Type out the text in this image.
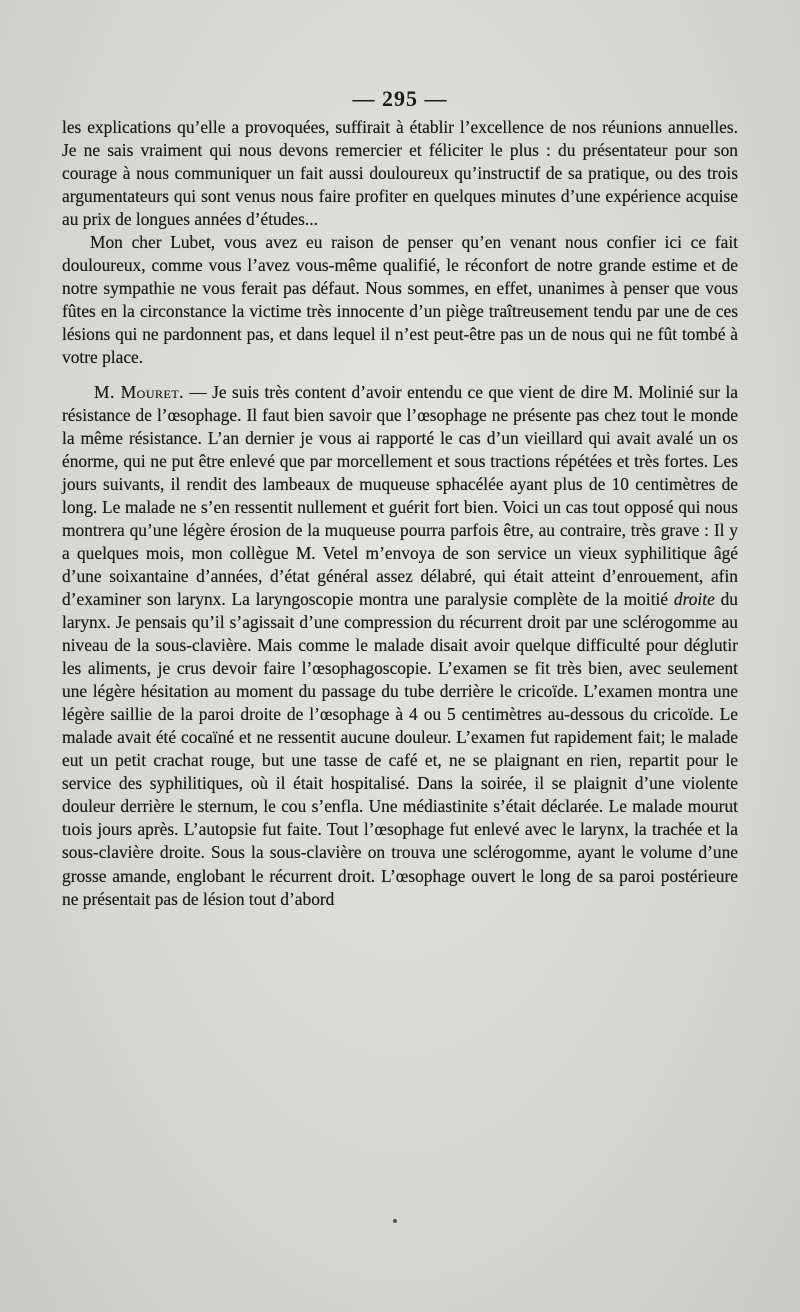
— 295 —

les explications qu’elle a provoquées, suffirait à établir l’excellence de nos réunions annuelles. Je ne sais vraiment qui nous devons remercier et féliciter le plus : du présentateur pour son courage à nous communiquer un fait aussi douloureux qu’instructif de sa pratique, ou des trois argumentateurs qui sont venus nous faire profiter en quelques minutes d’une expérience acquise au prix de longues années d’études...

Mon cher Lubet, vous avez eu raison de penser qu’en venant nous confier ici ce fait douloureux, comme vous l’avez vous-même qualifié, le réconfort de notre grande estime et de notre sympathie ne vous ferait pas défaut. Nous sommes, en effet, unanimes à penser que vous fûtes en la circonstance la victime très innocente d’un piège traîtreusement tendu par une de ces lésions qui ne pardonnent pas, et dans lequel il n’est peut-être pas un de nous qui ne fût tombé à votre place.

M. Mouret. — Je suis très content d’avoir entendu ce que vient de dire M. Molinié sur la résistance de l’œsophage. Il faut bien savoir que l’œsophage ne présente pas chez tout le monde la même résistance. L’an dernier je vous ai rapporté le cas d’un vieillard qui avait avalé un os énorme, qui ne put être enlevé que par morcellement et sous tractions répétées et très fortes. Les jours suivants, il rendit des lambeaux de muqueuse sphacélée ayant plus de 10 centimètres de long. Le malade ne s’en ressentit nullement et guérit fort bien. Voici un cas tout opposé qui nous montrera qu’une légère érosion de la muqueuse pourra parfois être, au contraire, très grave : Il y a quelques mois, mon collègue M. Vetel m’envoya de son service un vieux syphilitique âgé d’une soixantaine d’années, d’état général assez délabré, qui était atteint d’enrouement, afin d’examiner son larynx. La laryngoscopie montra une paralysie complète de la moitié droite du larynx. Je pensais qu’il s’agissait d’une compression du récurrent droit par une sclérogomme au niveau de la sous-clavière. Mais comme le malade disait avoir quelque difficulté pour déglutir les aliments, je crus devoir faire l’œsophagoscopie. L’examen se fit très bien, avec seulement une légère hésitation au moment du passage du tube derrière le cricoïde. L’examen montra une légère saillie de la paroi droite de l’œsophage à 4 ou 5 centimètres au-dessous du cricoïde. Le malade avait été cocaïné et ne ressentit aucune douleur. L’examen fut rapidement fait; le malade eut un petit crachat rouge, but une tasse de café et, ne se plaignant en rien, repartit pour le service des syphilitiques, où il était hospitalisé. Dans la soirée, il se plaignit d’une violente douleur derrière le sternum, le cou s’enfla. Une médiastinite s’était déclarée. Le malade mourut tıois jours après. L’autopsie fut faite. Tout l’œsophage fut enlevé avec le larynx, la trachée et la sous-clavière droite. Sous la sous-clavière on trouva une sclérogomme, ayant le volume d’une grosse amande, englobant le récurrent droit. L’œsophage ouvert le long de sa paroi postérieure ne présentait pas de lésion tout d’abord
